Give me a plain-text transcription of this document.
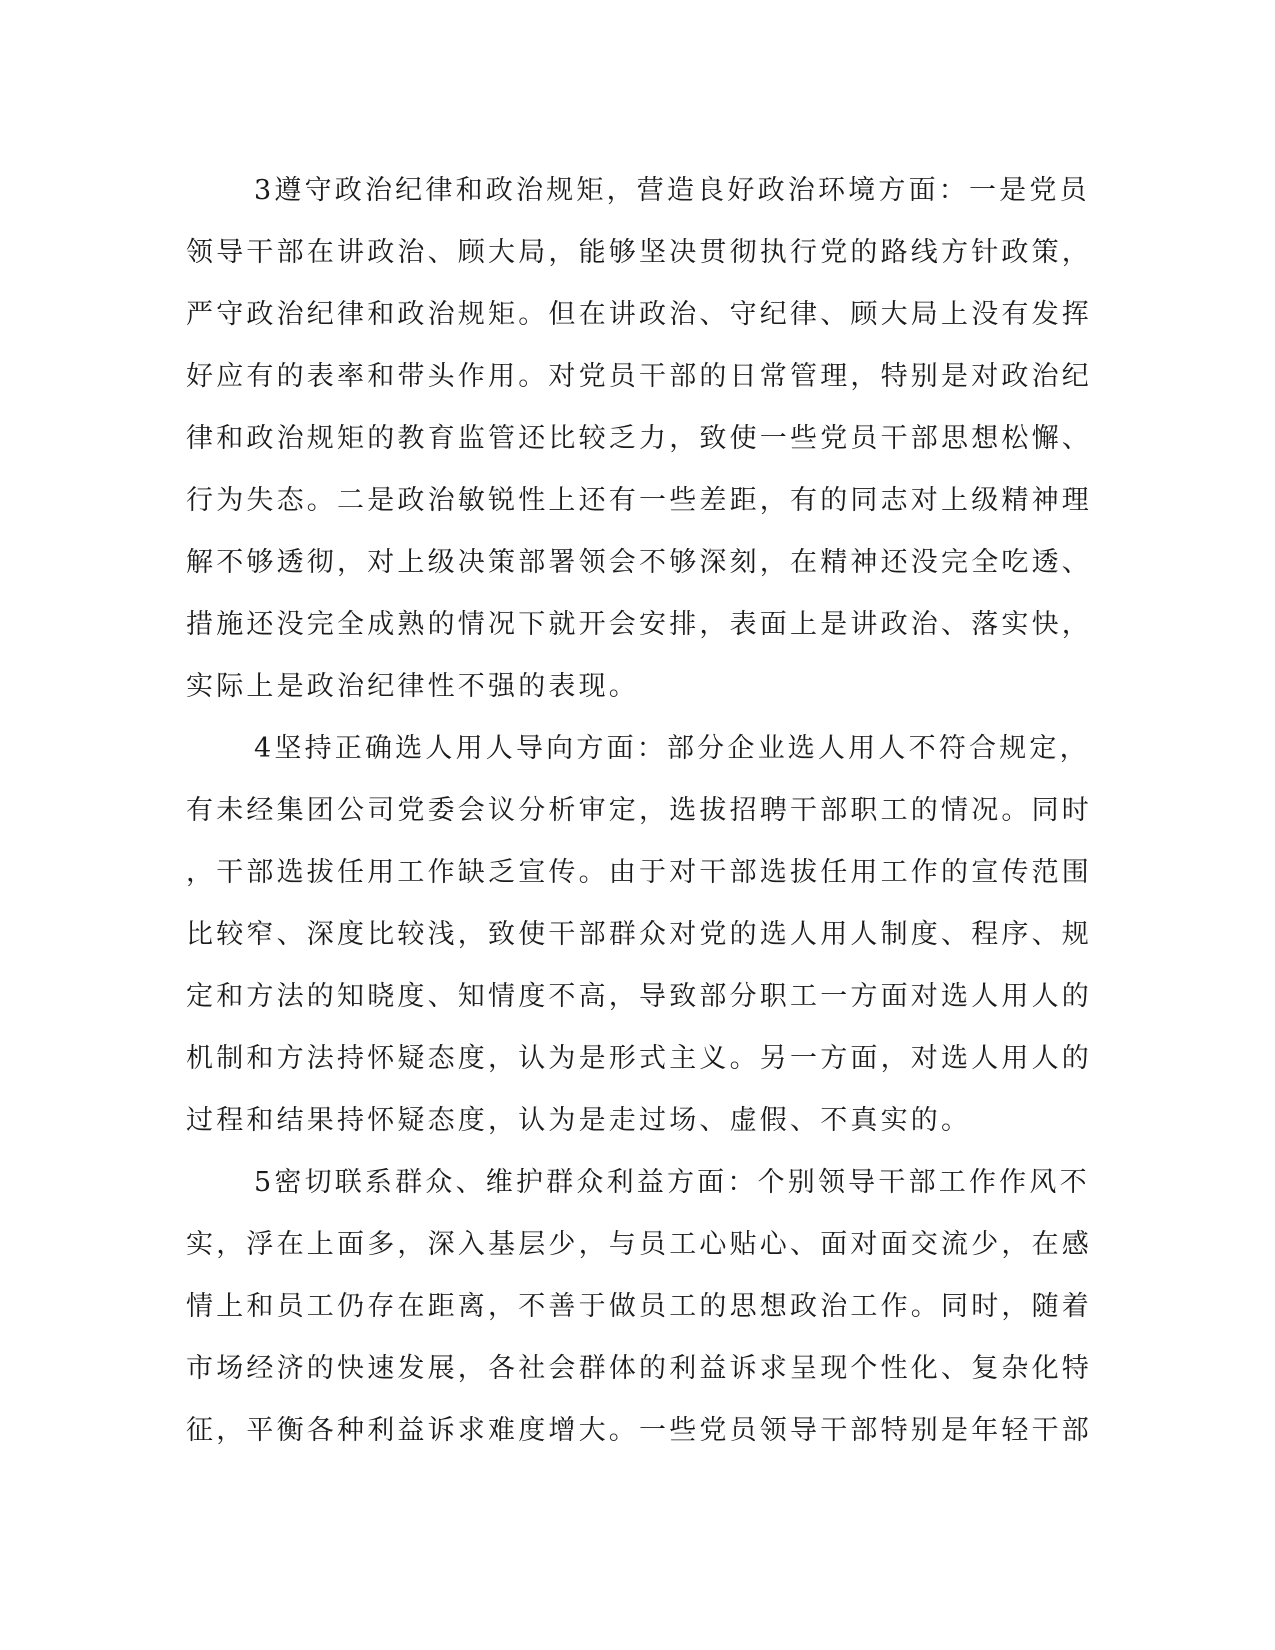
3遵守政治纪律和政治规矩，营造良好政治环境方面：一是党员
领导干部在讲政治、顾大局，能够坚决贯彻执行党的路线方针政策，
严守政治纪律和政治规矩。但在讲政治、守纪律、顾大局上没有发挥
好应有的表率和带头作用。对党员干部的日常管理，特别是对政治纪
律和政治规矩的教育监管还比较乏力，致使一些党员干部思想松懈、
行为失态。二是政治敏锐性上还有一些差距，有的同志对上级精神理
解不够透彻，对上级决策部署领会不够深刻，在精神还没完全吃透、
措施还没完全成熟的情况下就开会安排，表面上是讲政治、落实快，
实际上是政治纪律性不强的表现。
4坚持正确选人用人导向方面：部分企业选人用人不符合规定，
有未经集团公司党委会议分析审定，选拔招聘干部职工的情况。同时
，干部选拔任用工作缺乏宣传。由于对干部选拔任用工作的宣传范围
比较窄、深度比较浅，致使干部群众对党的选人用人制度、程序、规
定和方法的知晓度、知情度不高，导致部分职工一方面对选人用人的
机制和方法持怀疑态度，认为是形式主义。另一方面，对选人用人的
过程和结果持怀疑态度，认为是走过场、虚假、不真实的。
5密切联系群众、维护群众利益方面：个别领导干部工作作风不
实，浮在上面多，深入基层少，与员工心贴心、面对面交流少，在感
情上和员工仍存在距离，不善于做员工的思想政治工作。同时，随着
市场经济的快速发展，各社会群体的利益诉求呈现个性化、复杂化特
征，平衡各种利益诉求难度增大。一些党员领导干部特别是年轻干部
